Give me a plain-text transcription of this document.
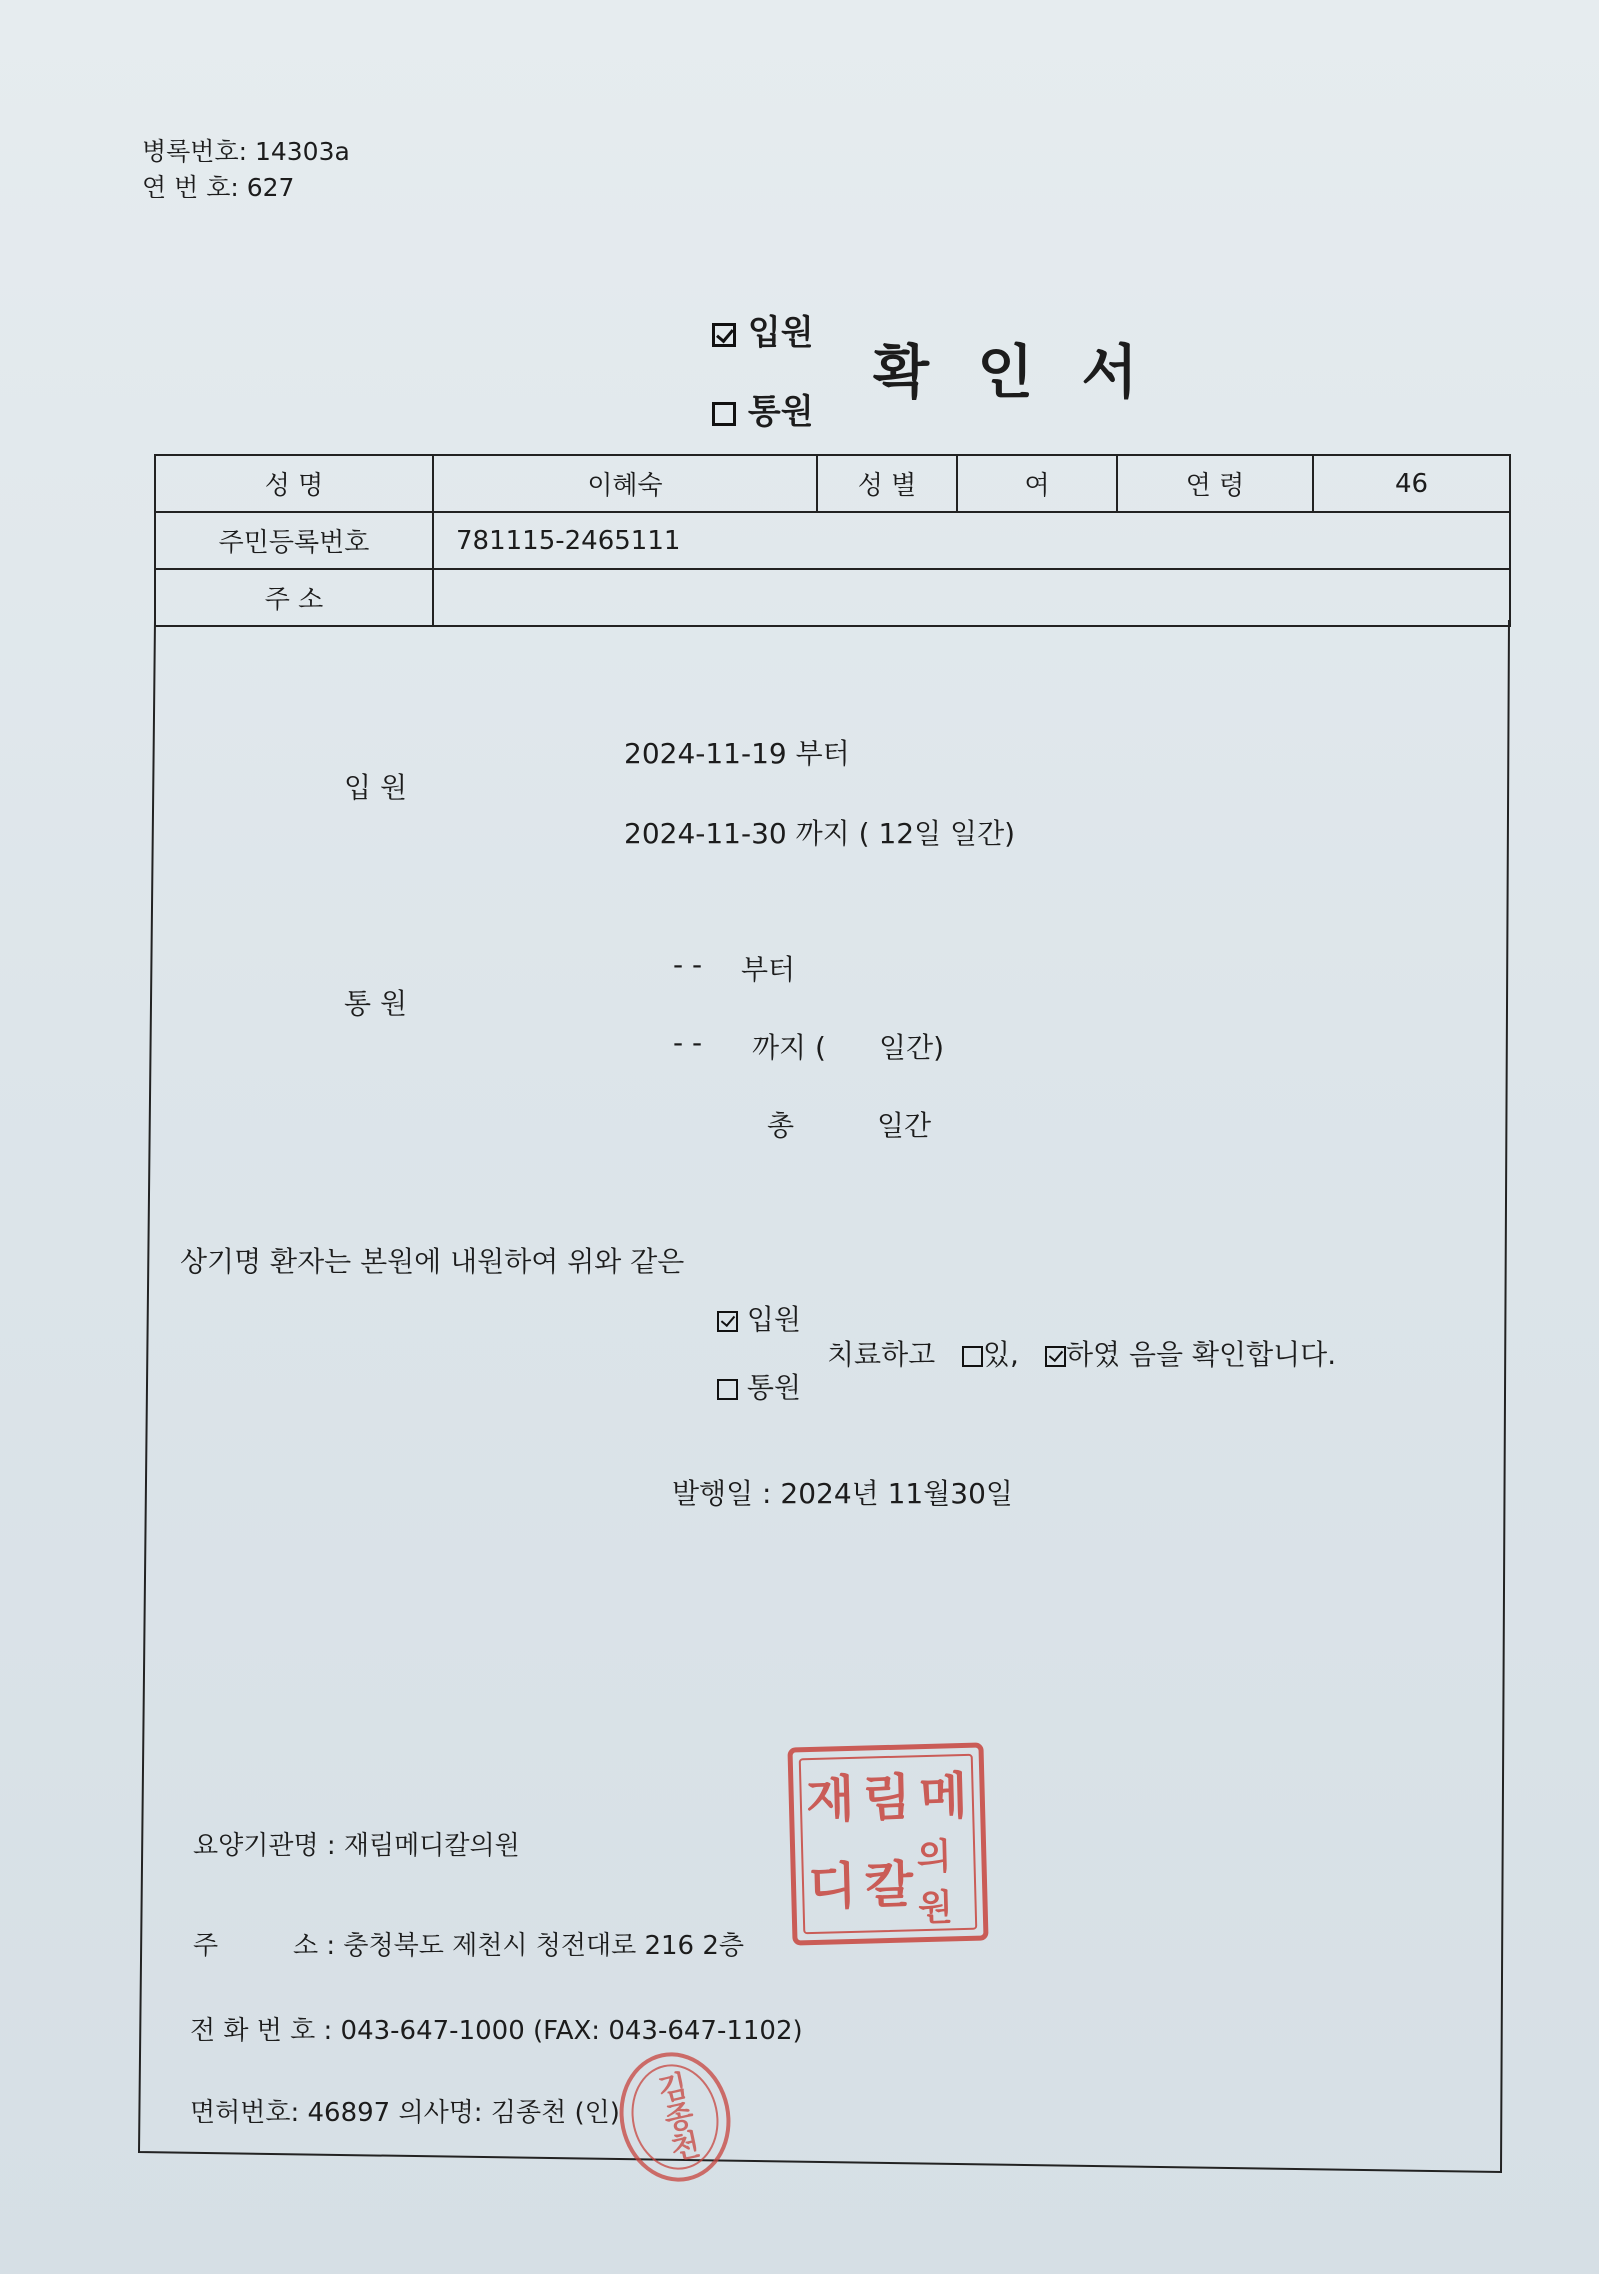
병록번호: 14303a
연 번 호: 627
입원
통원
확 인 서
성 명	이혜숙	성 별	여	연 령	46
주민등록번호	781115-2465111				
주 소					
입 원
2024-11-19 부터
2024-11-30 까지 ( 12일 일간)
통 원
- - 부터
- - 까지 ( 일간)
총	일간
상기명 환자는 본원에 내원하여 위와 같은
입원
통원
치료하고	있,	하였 음을 확인합니다.
발행일 : 2024년 11월30일
재 림 메
디 칼 의원
요양기관명 : 재림메디칼의원
주	소 : 충청북도 제천시 청전대로 216 2층
전 화 번 호 : 043-647-1000 (FAX: 043-647-1102)
면허번호: 46897 의사명: 김종천 (인) 김종천
